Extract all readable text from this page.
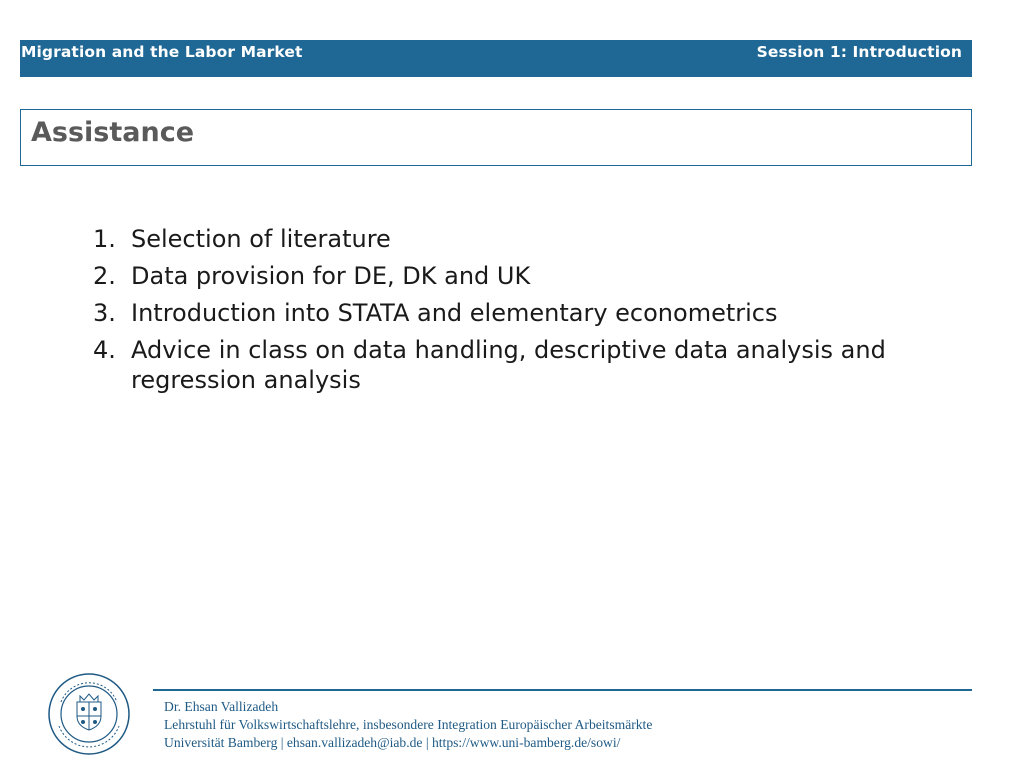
Migration and the Labor Market	Session 1: Introduction
Assistance
1. Selection of literature
2. Data provision for DE, DK and UK
3. Introduction into STATA and elementary econometrics
4. Advice in class on data handling, descriptive data analysis and regression analysis
Dr. Ehsan Vallizadeh
Lehrstuhl für Volkswirtschaftslehre, insbesondere Integration Europäischer Arbeitsmärkte
Universität Bamberg | ehsan.vallizadeh@iab.de | https://www.uni-bamberg.de/sowi/
